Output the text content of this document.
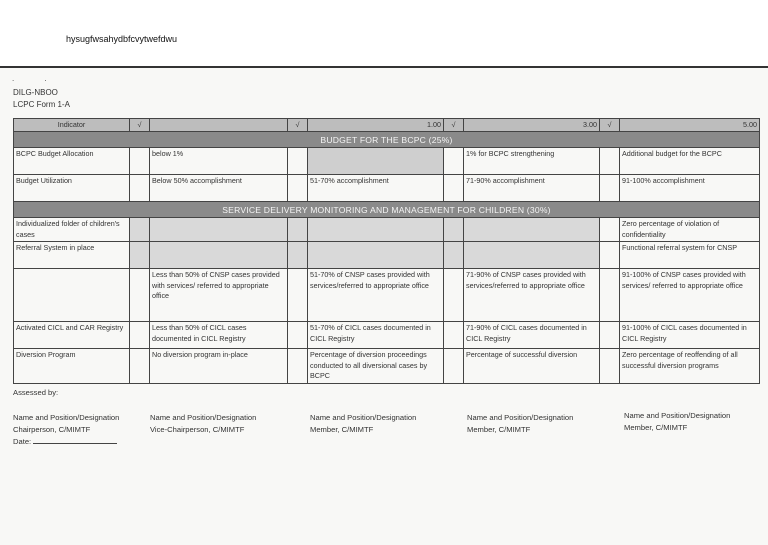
hysugfwsahydbfcvytwefdwu
. .
DILG-NBOO
LCPC Form 1-A
Indicator	√		√	1.00	√	3.00	√	5.00
BUDGET FOR THE BCPC (25%)								
BCPC Budget Allocation		below 1%				1% for BCPC strengthening		Additional budget for the BCPC
Budget Utilization		Below 50% accomplishment		51-70% accomplishment		71-90% accomplishment		91-100% accomplishment
SERVICE DELIVERY MONITORING AND MANAGEMENT FOR CHILDREN (30%)								
Individualized folder of children's cases								Zero percentage of violation of confidentiality
Referral System in place								Functional referral system for CNSP
		Less than 50% of CNSP cases provided with services/ referred to appropriate office		51-70% of CNSP cases provided with services/referred to appropriate office		71-90% of CNSP cases provided with services/referred to appropriate office		91-100% of CNSP cases provided with services/ referred to appropriate office
Activated CICL and CAR Registry		Less than 50% of CICL cases documented in CICL Registry		51-70% of CICL cases documented in CICL Registry		71-90% of CICL cases documented in CICL Registry		91-100% of CICL cases documented in CICL Registry
Diversion Program		No diversion program in-place		Percentage of diversion proceedings conducted to all diversional cases by BCPC		Percentage of successful diversion		Zero percentage of reoffending of all successful diversion programs
Assessed by:
Name and Position/Designation
Chairperson, C/MIMTF
Date:
Name and Position/Designation
Vice-Chairperson, C/MIMTF
Name and Position/Designation
Member, C/MIMTF
Name and Position/Designation
Member, C/MIMTF
Name and Position/Designation
Member, C/MIMTF
